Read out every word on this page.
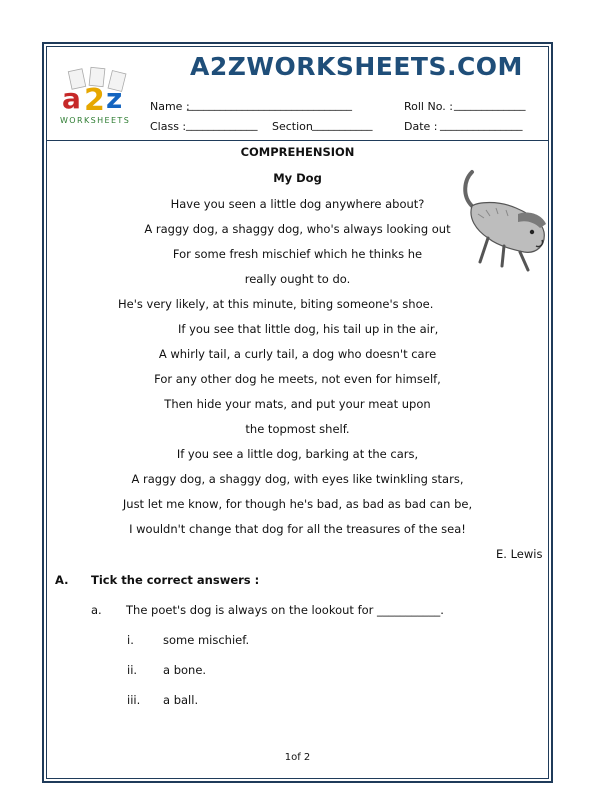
a 2 z
WORKSHEETS
A2ZWORKSHEETS.COM
Name :
______________________________	Roll No. : _____________
Class : _____________ Section ___________	Date : _______________
COMPREHENSION
My Dog
Have you seen a little dog anywhere about?
A raggy dog, a shaggy dog, who's always looking out
For some fresh mischief which he thinks he
really ought to do.
He's very likely, at this minute, biting someone's shoe.
If you see that little dog, his tail up in the air,
A whirly tail, a curly tail, a dog who doesn't care
For any other dog he meets, not even for himself,
Then hide your mats, and put your meat upon
the topmost shelf.
If you see a little dog, barking at the cars,
A raggy dog, a shaggy dog, with eyes like twinkling stars,
Just let me know, for though he's bad, as bad as bad can be,
I wouldn't change that dog for all the treasures of the sea!
E. Lewis
A. Tick the correct answers :
a. The poet's dog is always on the lookout for ___________.
i.	some mischief.
ii. a bone.
iii. a ball.
1of 2
